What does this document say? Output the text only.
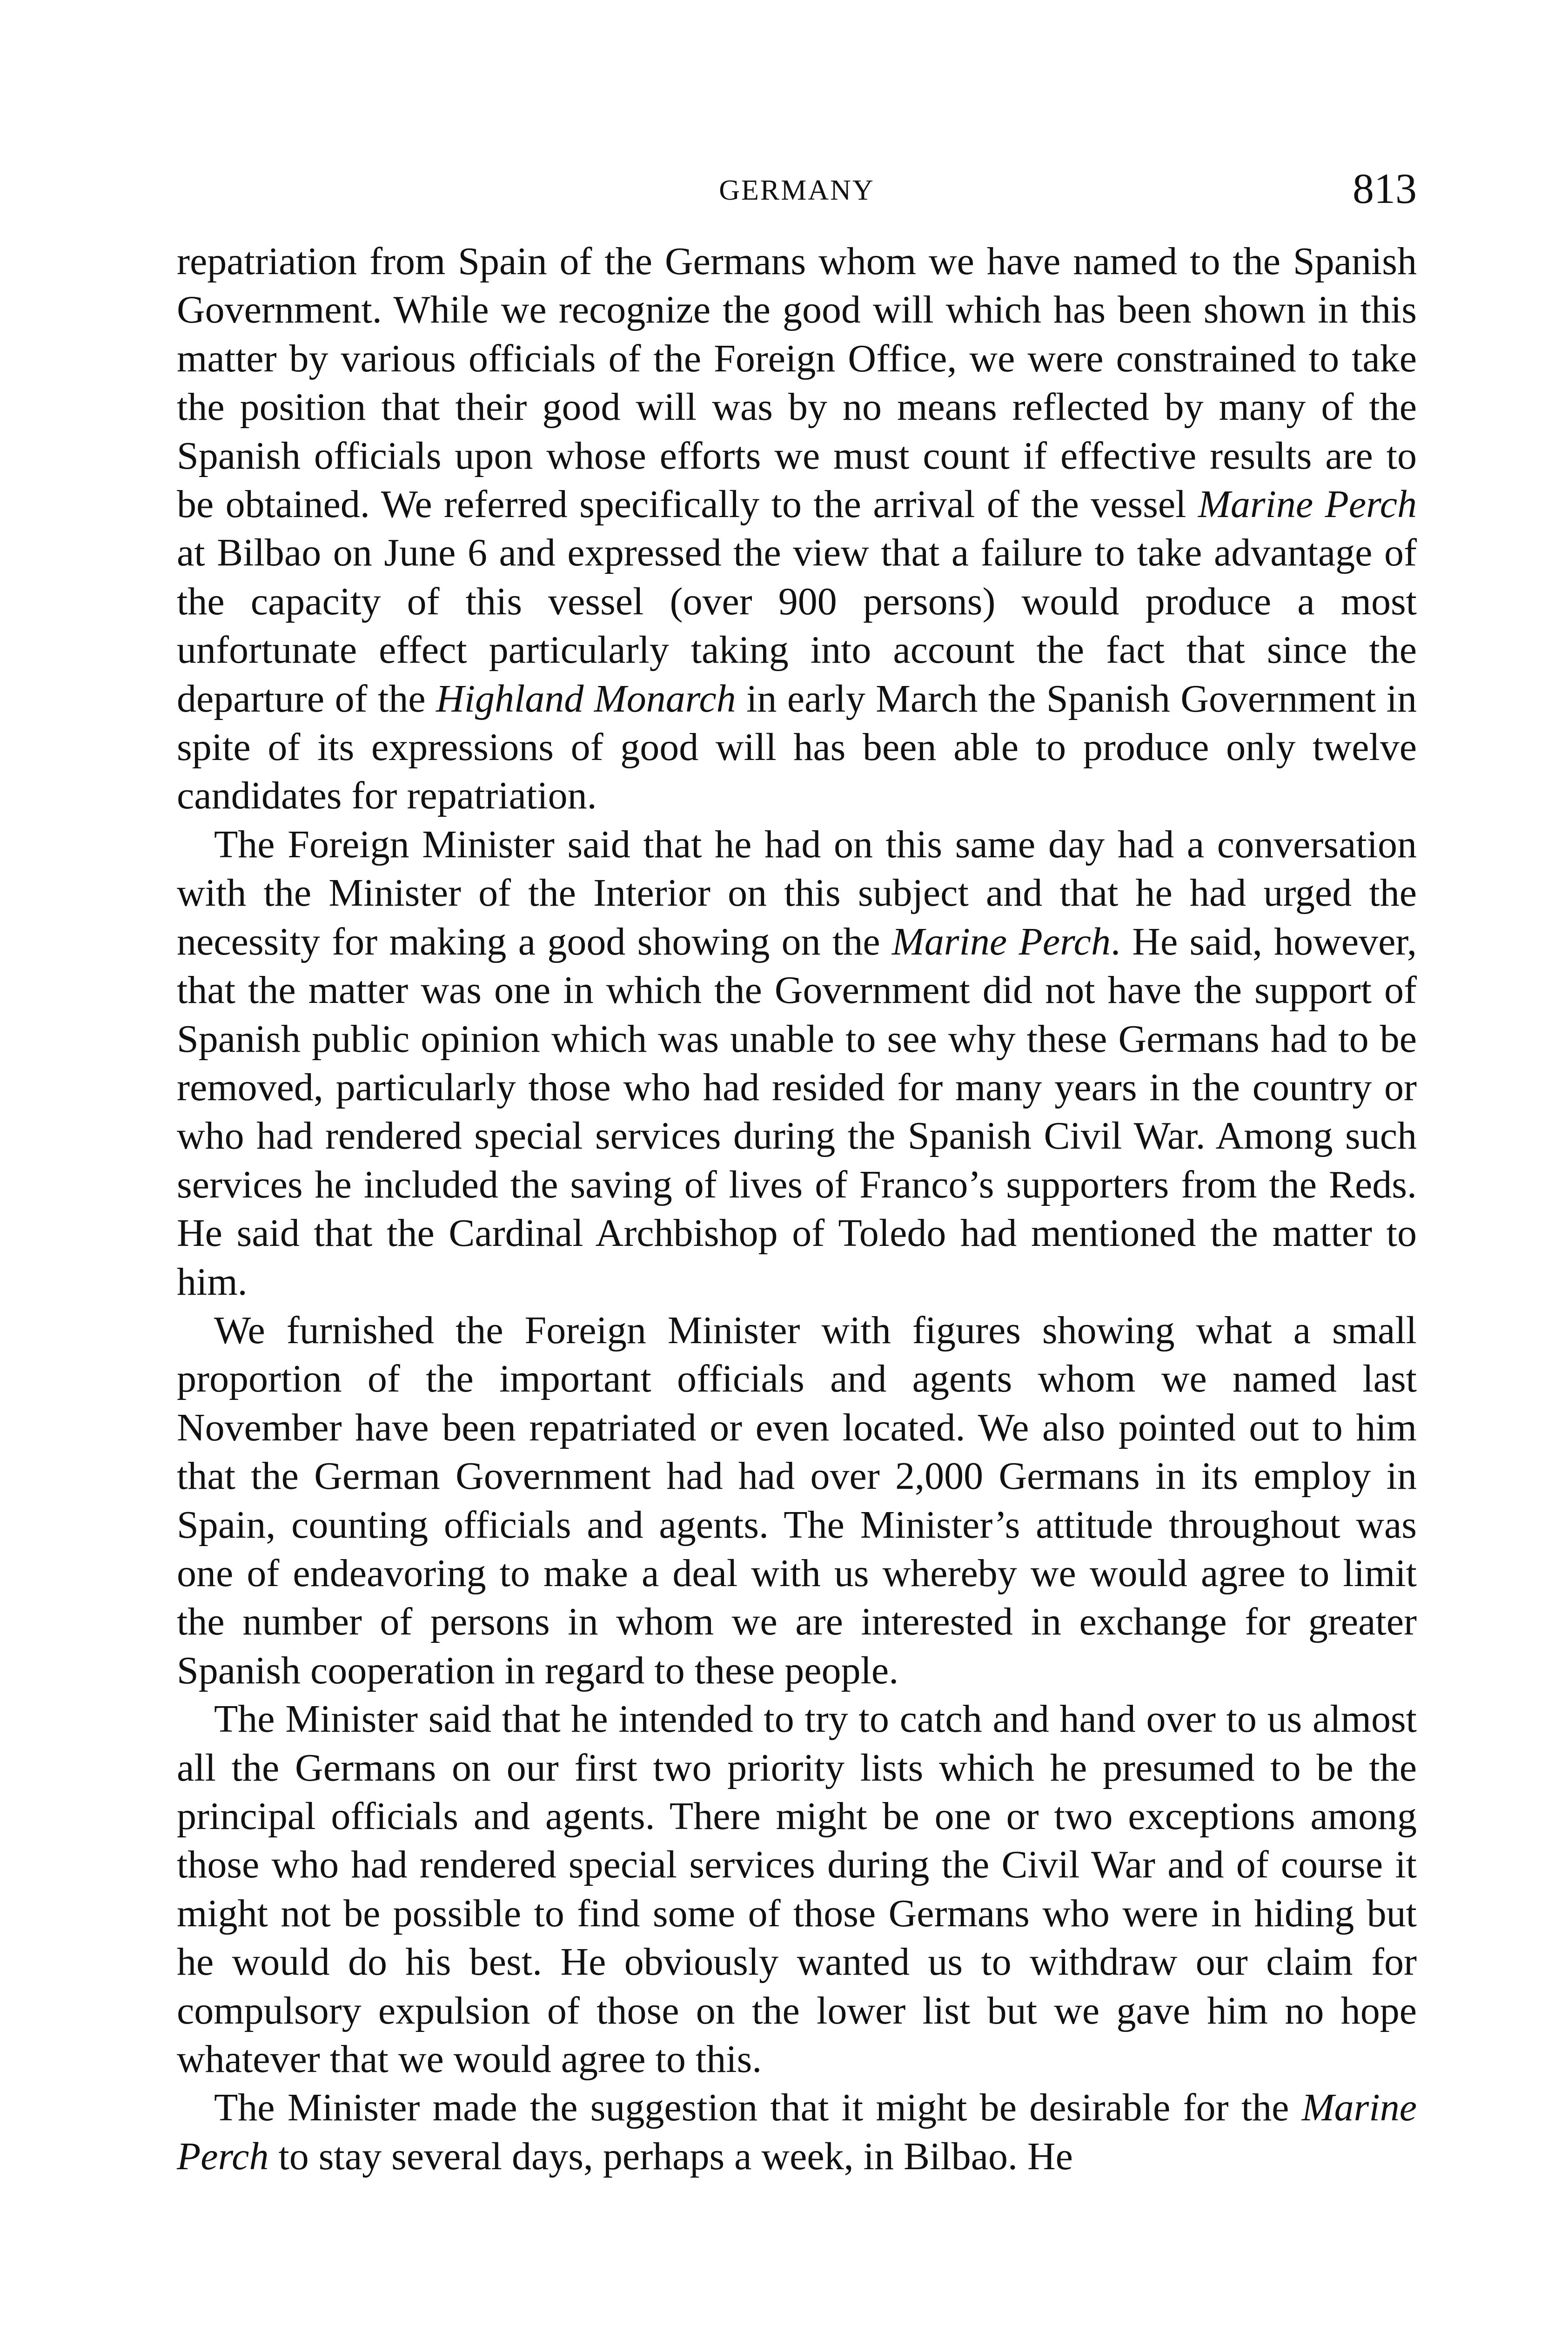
GERMANY	813

repatriation from Spain of the Germans whom we have named to the Spanish Government. While we recognize the good will which has been shown in this matter by various officials of the Foreign Office, we were constrained to take the position that their good will was by no means reflected by many of the Spanish officials upon whose efforts we must count if effective results are to be obtained. We referred specifically to the arrival of the vessel Marine Perch at Bilbao on June 6 and expressed the view that a failure to take advantage of the capacity of this vessel (over 900 persons) would produce a most unfortunate effect particularly taking into account the fact that since the departure of the Highland Monarch in early March the Spanish Government in spite of its expressions of good will has been able to produce only twelve candidates for repatriation.

The Foreign Minister said that he had on this same day had a conversation with the Minister of the Interior on this subject and that he had urged the necessity for making a good showing on the Marine Perch. He said, however, that the matter was one in which the Government did not have the support of Spanish public opinion which was unable to see why these Germans had to be removed, particularly those who had resided for many years in the country or who had rendered special services during the Spanish Civil War. Among such services he included the saving of lives of Franco’s supporters from the Reds. He said that the Cardinal Archbishop of Toledo had mentioned the matter to him.

We furnished the Foreign Minister with figures showing what a small proportion of the important officials and agents whom we named last November have been repatriated or even located. We also pointed out to him that the German Government had had over 2,000 Germans in its employ in Spain, counting officials and agents. The Minister’s attitude throughout was one of endeavoring to make a deal with us whereby we would agree to limit the number of persons in whom we are interested in exchange for greater Spanish cooperation in regard to these people.

The Minister said that he intended to try to catch and hand over to us almost all the Germans on our first two priority lists which he presumed to be the principal officials and agents. There might be one or two exceptions among those who had rendered special services during the Civil War and of course it might not be possible to find some of those Germans who were in hiding but he would do his best. He obviously wanted us to withdraw our claim for compulsory expulsion of those on the lower list but we gave him no hope whatever that we would agree to this.

The Minister made the suggestion that it might be desirable for the Marine Perch to stay several days, perhaps a week, in Bilbao. He
